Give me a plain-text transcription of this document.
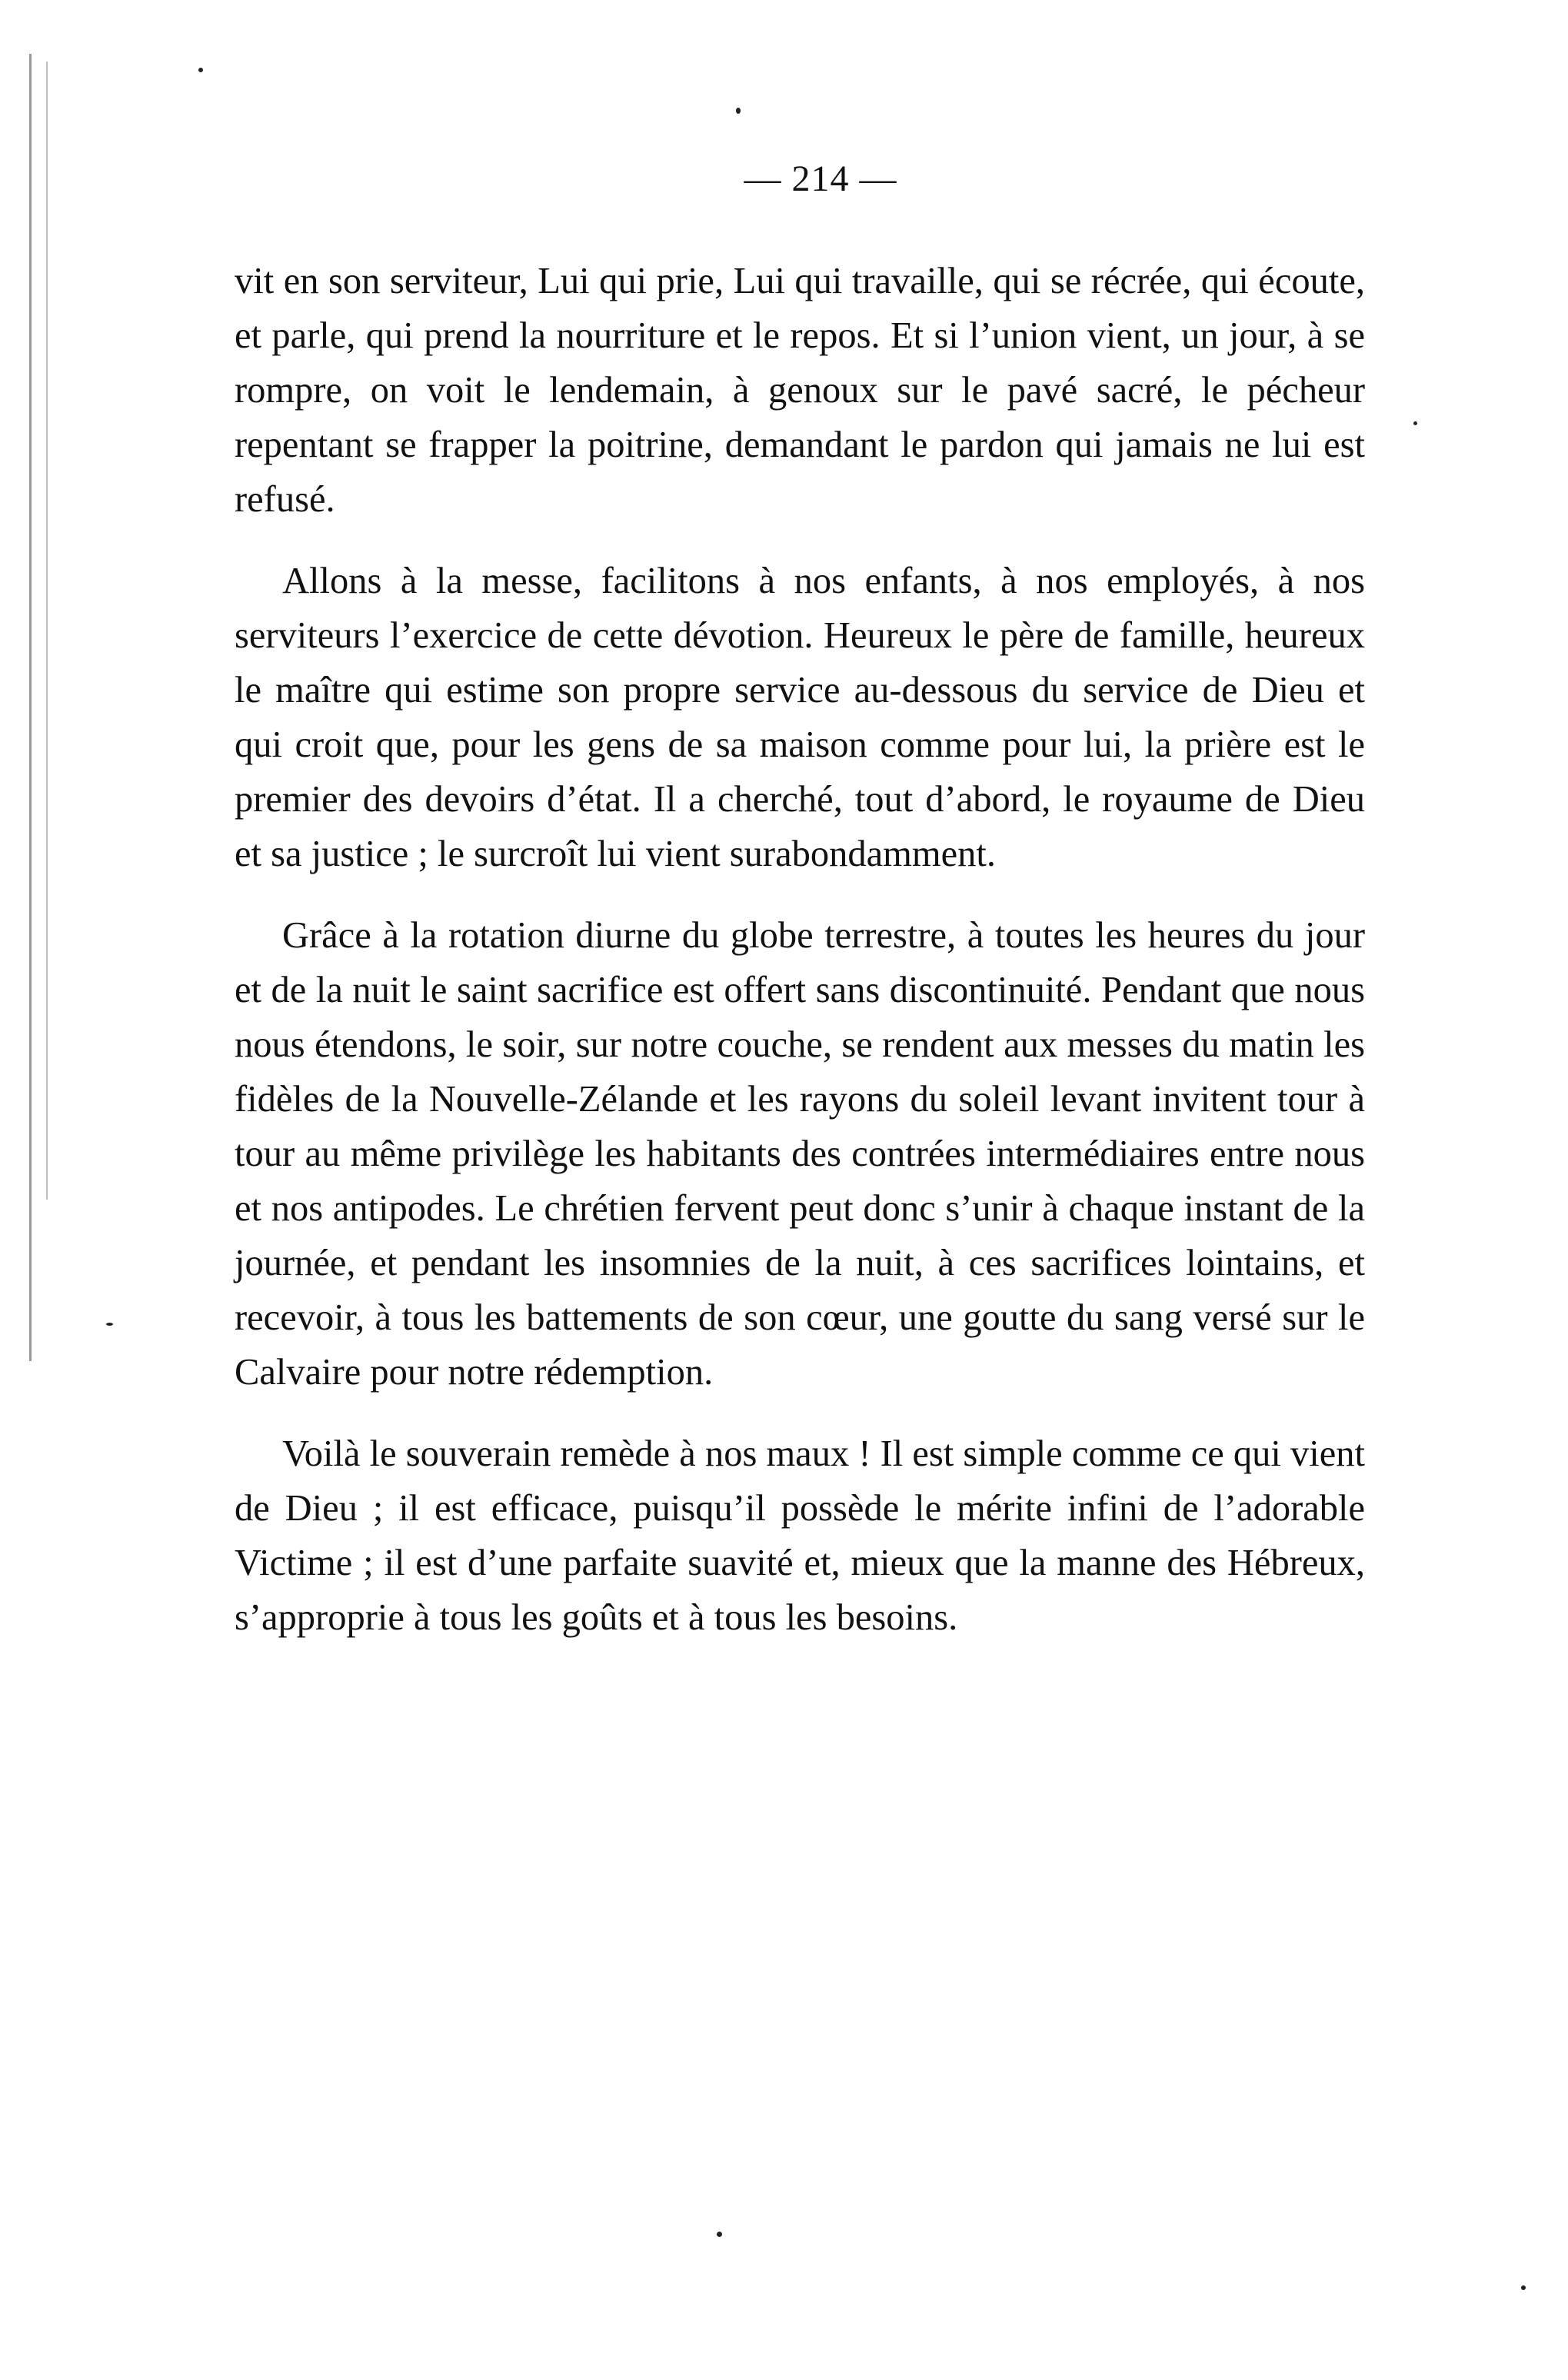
— 214 —

vit en son serviteur, Lui qui prie, Lui qui travaille, qui se récrée, qui écoute, et parle, qui prend la nourriture et le repos. Et si l’union vient, un jour, à se rompre, on voit le lendemain, à genoux sur le pavé sacré, le pécheur repentant se frapper la poitrine, demandant le pardon qui jamais ne lui est refusé.

Allons à la messe, facilitons à nos enfants, à nos employés, à nos serviteurs l’exercice de cette dévotion. Heureux le père de famille, heureux le maître qui estime son propre service au-dessous du service de Dieu et qui croit que, pour les gens de sa maison comme pour lui, la prière est le premier des devoirs d’état. Il a cherché, tout d’abord, le royaume de Dieu et sa justice ; le surcroît lui vient surabondamment.

Grâce à la rotation diurne du globe terrestre, à toutes les heures du jour et de la nuit le saint sacrifice est offert sans discontinuité. Pendant que nous nous étendons, le soir, sur notre couche, se rendent aux messes du matin les fidèles de la Nouvelle-Zélande et les rayons du soleil levant invitent tour à tour au même privilège les habitants des contrées intermédiaires entre nous et nos antipodes. Le chrétien fervent peut donc s’unir à chaque instant de la journée, et pendant les insomnies de la nuit, à ces sacrifices lointains, et recevoir, à tous les battements de son cœur, une goutte du sang versé sur le Calvaire pour notre rédemption.

Voilà le souverain remède à nos maux ! Il est simple comme ce qui vient de Dieu ; il est efficace, puisqu’il possède le mérite infini de l’adorable Victime ; il est d’une parfaite suavité et, mieux que la manne des Hébreux, s’approprie à tous les goûts et à tous les besoins.
